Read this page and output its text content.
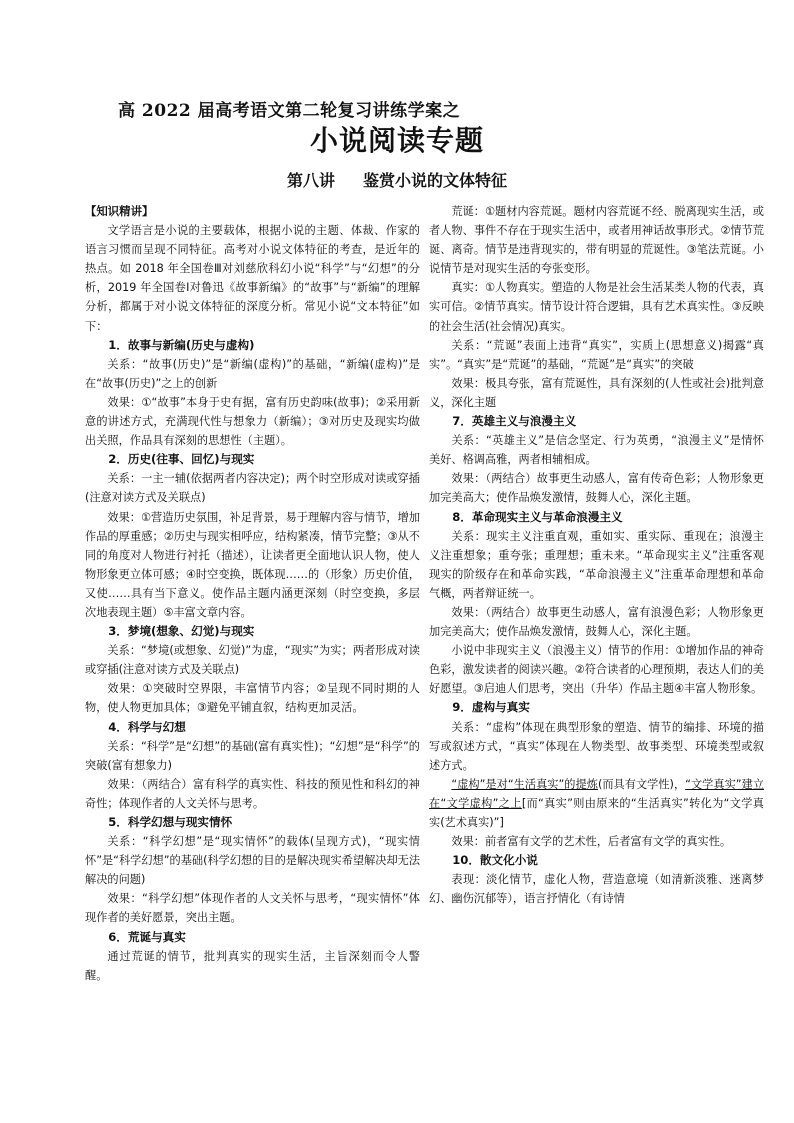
高 2022 届高考语文第二轮复习讲练学案之
小说阅读专题
第八讲 鉴赏小说的文体特征
【知识精讲】

文学语言是小说的主要载体，根据小说的主题、体裁、作家的语言习惯而呈现不同特征。高考对小说文体特征的考查，是近年的热点。如 2018 年全国卷Ⅲ对刘慈欣科幻小说“科学”与“幻想”的分析，2019 年全国卷Ⅰ对鲁迅《故事新编》的“故事”与“新编”的理解分析，都属于对小说文体特征的深度分析。常见小说“文本特征”如下：

1．故事与新编(历史与虚构)

关系：“故事(历史)”是“新编(虚构)”的基础，“新编(虚构)”是在“故事(历史)”之上的创新

效果：①“故事”本身于史有据，富有历史韵味(故事)；②采用新意的讲述方式，充满现代性与想象力（新编）；③对历史及现实均做出关照，作品具有深刻的思想性（主题）。

2．历史(往事、回忆)与现实

关系：一主一辅(依据两者内容决定)；两个时空形成对读或穿插(注意对读方式及关联点)

效果：①营造历史氛围，补足背景，易于理解内容与情节，增加作品的厚重感；②历史与现实相呼应，结构紧凑，情节完整；③从不同的角度对人物进行衬托（描述），让读者更全面地认识人物，使人物形象更立体可感；④时空变换，既体现……的（形象）历史价值，又使……具有当下意义。使作品主题内涵更深刻（时空变换，多层次地表现主题）⑤丰富文章内容。

3．梦境(想象、幻觉)与现实

关系：“梦境(或想象、幻觉)”为虚，“现实”为实；两者形成对读或穿插(注意对读方式及关联点)

效果：①突破时空界限，丰富情节内容；②呈现不同时期的人物，使人物更加具体；③避免平铺直叙，结构更加灵活。

4．科学与幻想

关系：“科学”是“幻想”的基础(富有真实性)；“幻想”是“科学”的突破(富有想象力)

效果：（两结合）富有科学的真实性、科技的预见性和科幻的神奇性；体现作者的人文关怀与思考。

5．科学幻想与现实情怀

关系：“科学幻想”是“现实情怀”的载体(呈现方式)，“现实情怀”是“科学幻想”的基础(科学幻想的目的是解决现实希望解决却无法解决的问题)

效果：“科学幻想”体现作者的人文关怀与思考，“现实情怀”体现作者的美好愿景，突出主题。

6．荒诞与真实

通过荒诞的情节，批判真实的现实生活，主旨深刻而令人警醒。

荒诞：①题材内容荒诞。题材内容荒诞不经、脱离现实生活，或者人物、事件不存在于现实生活中，或者用神话故事形式。②情节荒诞、离奇。情节是违背现实的，带有明显的荒诞性。③笔法荒诞。小说情节是对现实生活的夸张变形。

真实：①人物真实。塑造的人物是社会生活某类人物的代表，真实可信。②情节真实。情节设计符合逻辑，具有艺术真实性。③反映的社会生活(社会情况)真实。

关系：“荒诞”表面上违背“真实”，实质上(思想意义)揭露“真实”。“真实”是“荒诞”的基础，“荒诞”是“真实”的突破

效果：极具夸张，富有荒诞性，具有深刻的(人性或社会)批判意义，深化主题

7．英雄主义与浪漫主义

关系：“英雄主义”是信念坚定、行为英勇，“浪漫主义”是情怀美好、格调高雅，两者相辅相成。

效果：（两结合）故事更生动感人，富有传奇色彩；人物形象更加完美高大；使作品焕发激情，鼓舞人心，深化主题。

8．革命现实主义与革命浪漫主义

关系：现实主义注重直观，重如实、重实际、重现在；浪漫主义注重想象；重夸张；重理想；重未来。“革命现实主义”注重客观现实的阶级存在和革命实践，“革命浪漫主义”注重革命理想和革命气概，两者辩证统一。

效果：（两结合）故事更生动感人，富有浪漫色彩；人物形象更加完美高大；使作品焕发激情，鼓舞人心，深化主题。

小说中非现实主义（浪漫主义）情节的作用：①增加作品的神奇色彩，激发读者的阅读兴趣。②符合读者的心理预期，表达人们的美好愿望。③启迪人们思考，突出（升华）作品主题④丰富人物形象。

9．虚构与真实

关系：“虚构”体现在典型形象的塑造、情节的编排、环境的描写或叙述方式，“真实”体现在人物类型、故事类型、环境类型或叙述方式。

“虚构”是对“生活真实”的提炼(而具有文学性)，“文学真实”建立在“文学虚构”之上[而“真实”则由原来的“生活真实”转化为“文学真实(艺术真实)”]

效果：前者富有文学的艺术性，后者富有文学的真实性。

10．散文化小说

表现：淡化情节，虚化人物，营造意境（如清新淡雅、迷离梦幻、幽伤沉郁等），语言抒情化（有诗情
